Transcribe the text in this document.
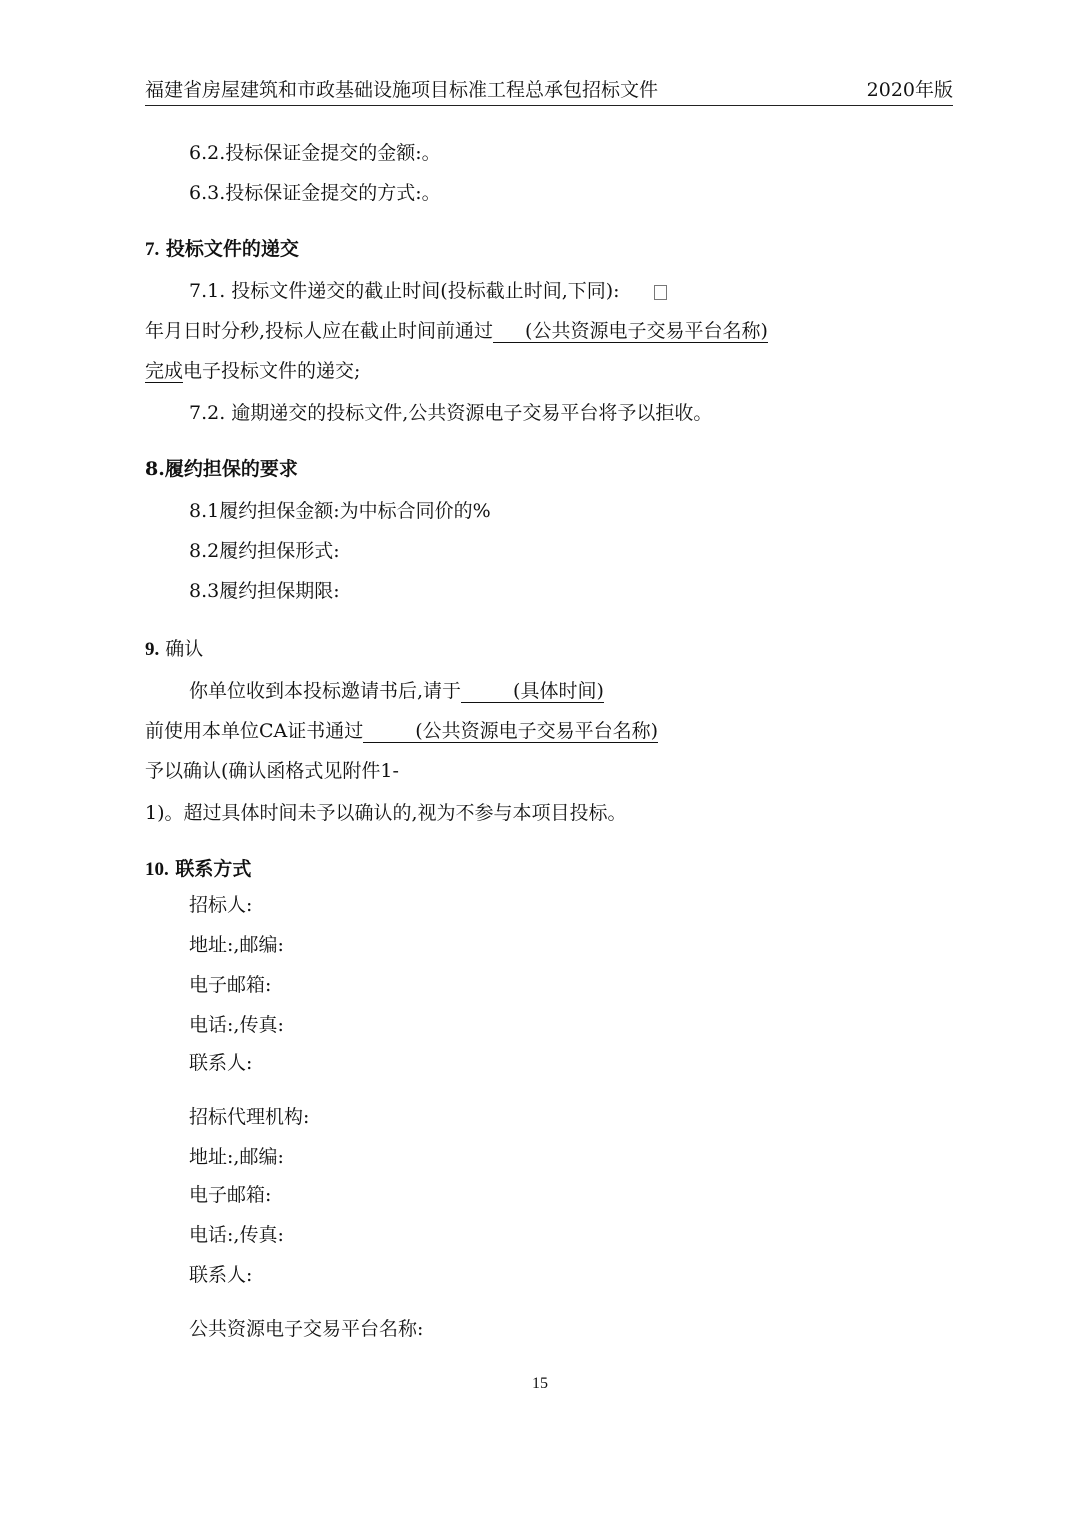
福建省房屋建筑和市政基础设施项目标准工程总承包招标文件	2020年版
6.2.投标保证金提交的金额:。
6.3.投标保证金提交的方式:。
7. 投标文件的递交
7.1. 投标文件递交的截止时间(投标截止时间,下同):
年月日时分秒,投标人应在截止时间前通过 (公共资源电子交易平台名称)
完成电子投标文件的递交;
7.2. 逾期递交的投标文件,公共资源电子交易平台将予以拒收。
8.履约担保的要求
8.1履约担保金额:为中标合同价的%
8.2履约担保形式:
8.3履约担保期限:
9. 确认
你单位收到本投标邀请书后,请于	(具体时间)
前使用本单位CA证书通过	(公共资源电子交易平台名称)
予以确认(确认函格式见附件1-
1)。超过具体时间未予以确认的,视为不参与本项目投标。
10. 联系方式
招标人:
地址:,邮编:
电子邮箱:
电话:,传真:
联系人:
招标代理机构:
地址:,邮编:
电子邮箱:
电话:,传真:
联系人:
公共资源电子交易平台名称:
15
